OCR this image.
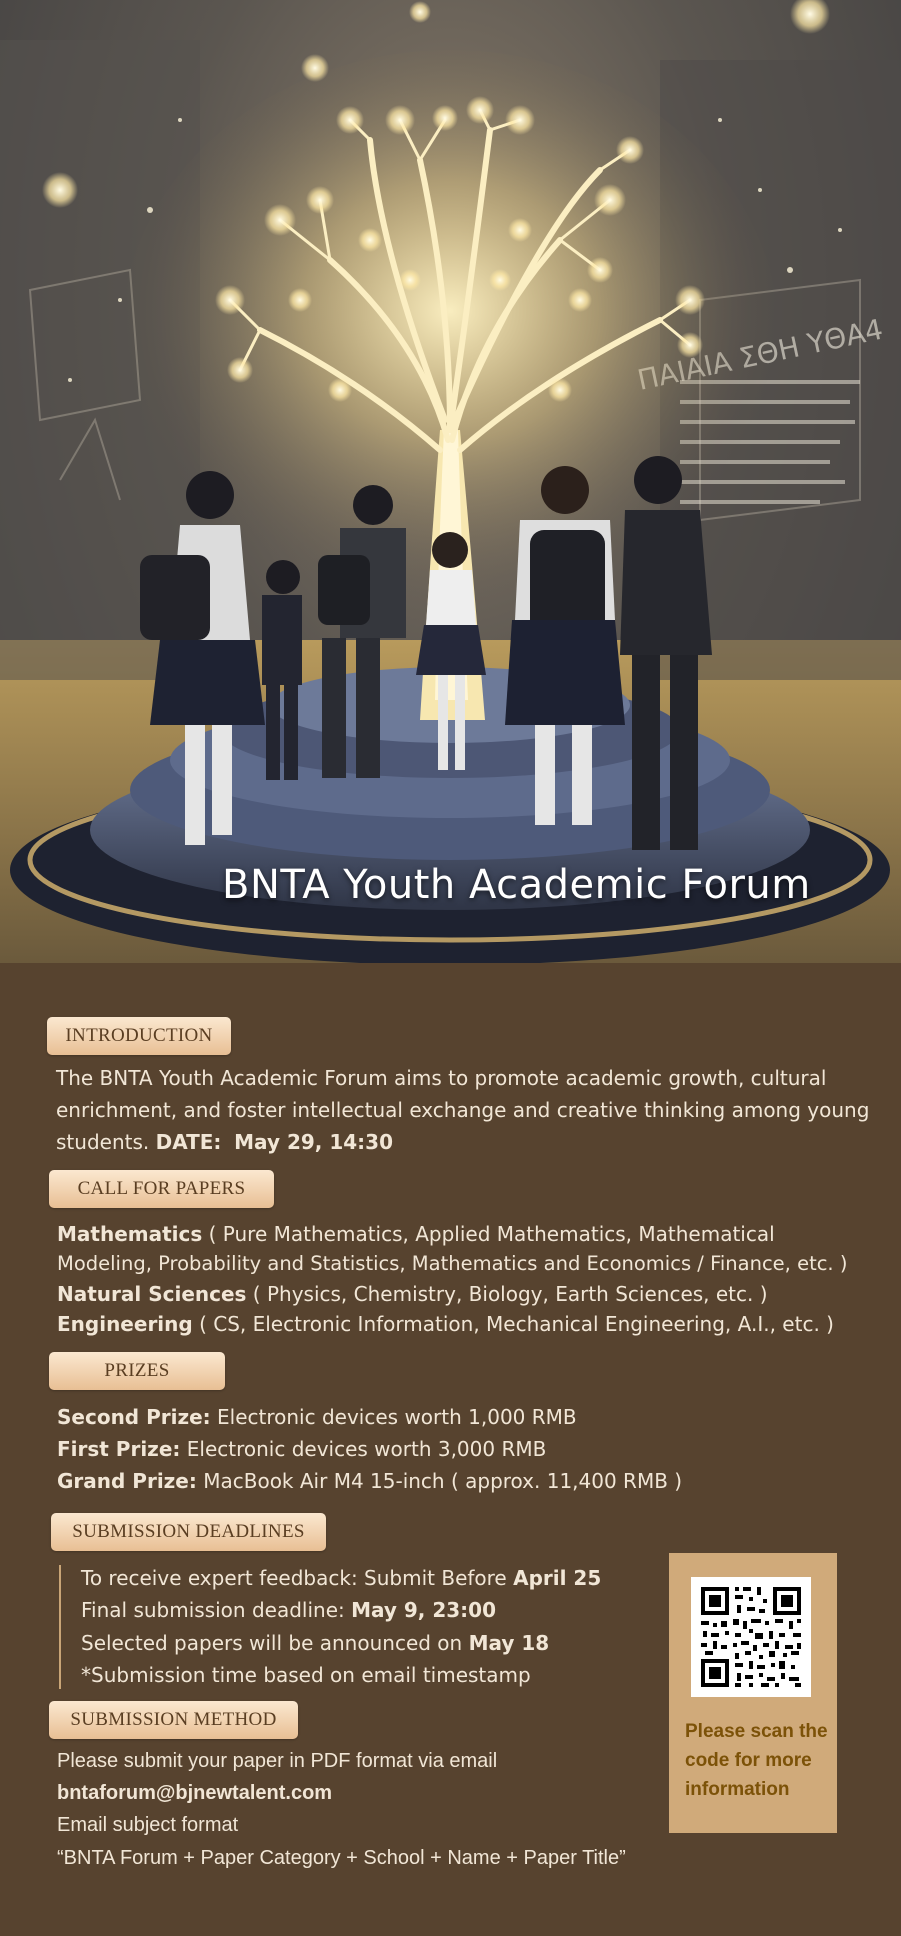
ΥΘΑ4
BNTA Youth Academic Forum
INTRODUCTION
The BNTA Youth Academic Forum aims to promote academic growth, cultural enrichment, and foster intellectual exchange and creative thinking among young students. DATE: May 29, 14:30
CALL FOR PAPERS
Mathematics ( Pure Mathematics, Applied Mathematics, Mathematical
Modeling, Probability and Statistics, Mathematics and Economics / Finance, etc. )
Natural Sciences ( Physics, Chemistry, Biology, Earth Sciences, etc. )
Engineering ( CS, Electronic Information, Mechanical Engineering, A.I., etc. )
PRIZES
Second Prize: Electronic devices worth 1,000 RMB
First Prize: Electronic devices worth 3,000 RMB
Grand Prize: MacBook Air M4 15-inch ( approx. 11,400 RMB )
SUBMISSION DEADLINES
To receive expert feedback: Submit Before April 25
Final submission deadline: May 9, 23:00
Selected papers will be announced on May 18
*Submission time based on email timestamp
SUBMISSION METHOD
Please submit your paper in PDF format via email
bntaforum@bjnewtalent.com
Email subject format
“BNTA Forum + Paper Category + School + Name + Paper Title”
Please scan the code for more information
